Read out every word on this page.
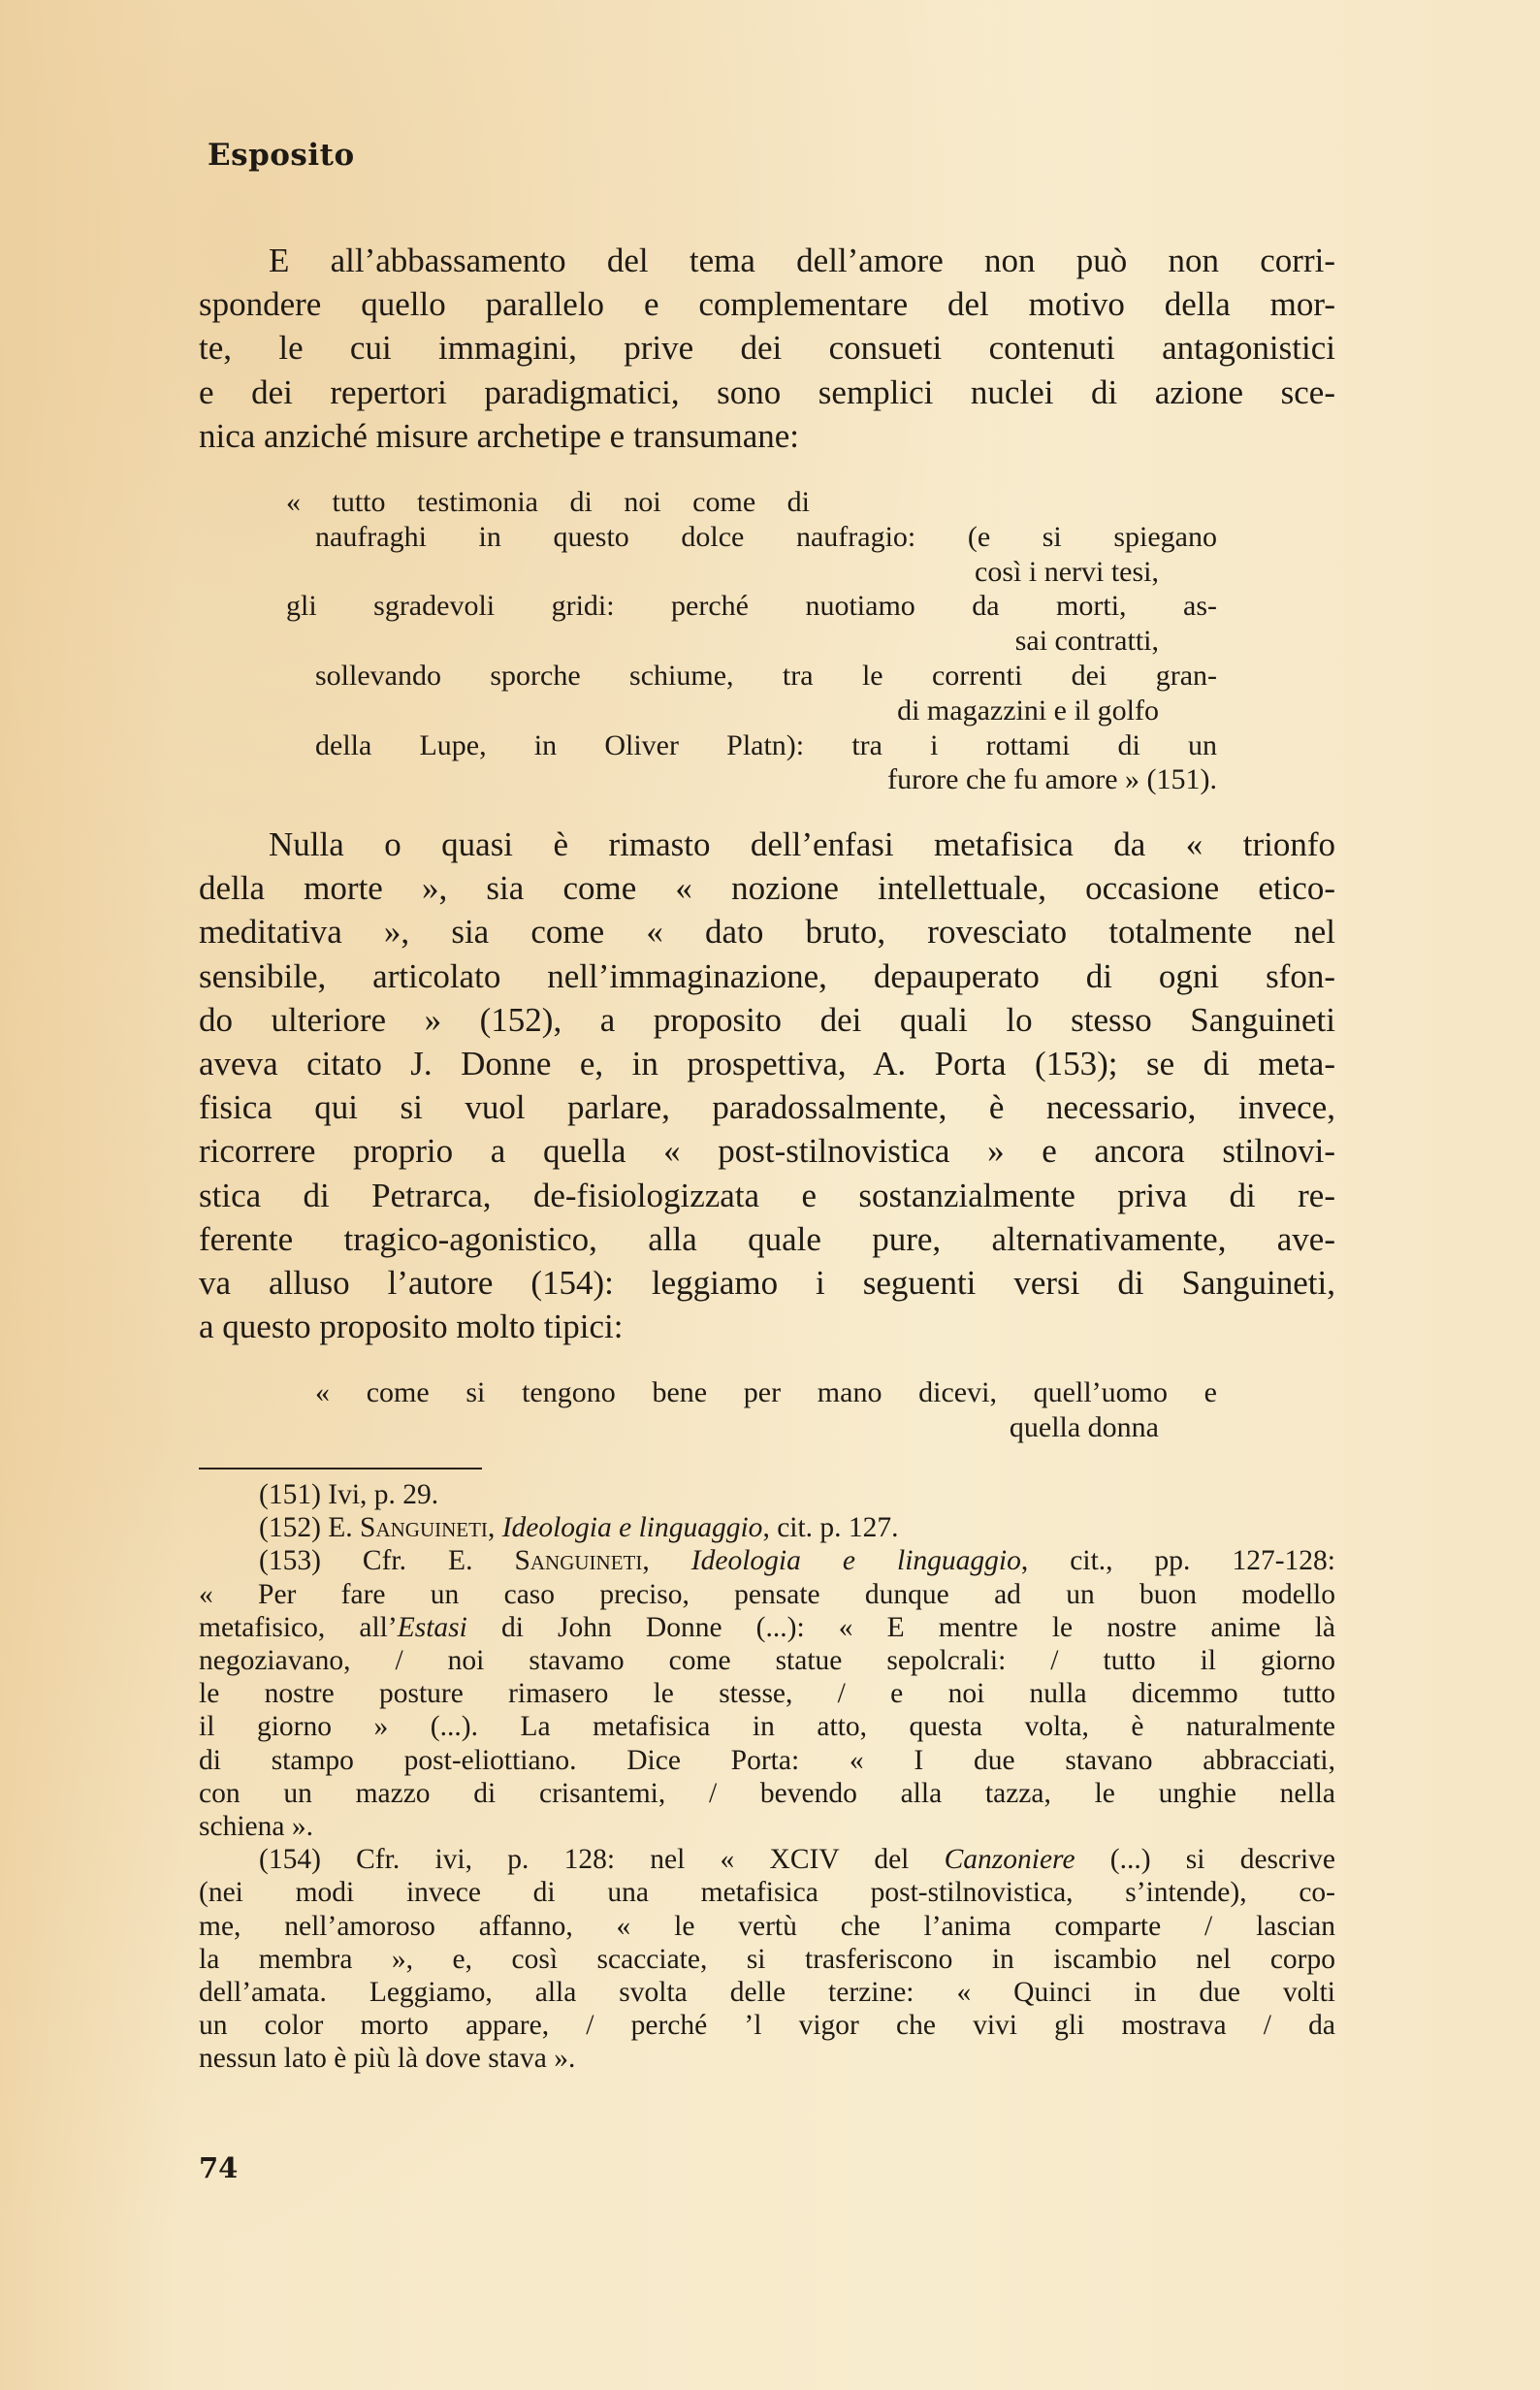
Esposito
E all’abbassamento del tema dell’amore non può non corri-
spondere quello parallelo e complementare del motivo della mor-
te, le cui immagini, prive dei consueti contenuti antagonistici
e dei repertori paradigmatici, sono semplici nuclei di azione sce-
nica anziché misure archetipe e transumane:
« tutto testimonia di noi come di
naufraghi in questo dolce naufragio: (e si spiegano
così i nervi tesi,
gli sgradevoli gridi: perché nuotiamo da morti, as-
sai contratti,
sollevando sporche schiume, tra le correnti dei gran-
di magazzini e il golfo
della Lupe, in Oliver Platn): tra i rottami di un
furore che fu amore » (151).
Nulla o quasi è rimasto dell’enfasi metafisica da « trionfo
della morte », sia come « nozione intellettuale, occasione etico-
meditativa », sia come « dato bruto, rovesciato totalmente nel
sensibile, articolato nell’immaginazione, depauperato di ogni sfon-
do ulteriore » (152), a proposito dei quali lo stesso Sanguineti
aveva citato J. Donne e, in prospettiva, A. Porta (153); se di meta-
fisica qui si vuol parlare, paradossalmente, è necessario, invece,
ricorrere proprio a quella « post-stilnovistica » e ancora stilnovi-
stica di Petrarca, de-fisiologizzata e sostanzialmente priva di re-
ferente tragico-agonistico, alla quale pure, alternativamente, ave-
va alluso l’autore (154): leggiamo i seguenti versi di Sanguineti,
a questo proposito molto tipici:
« come si tengono bene per mano dicevi, quell’uomo e
quella donna
(151) Ivi, p. 29.
(152) E. Sanguineti, Ideologia e linguaggio, cit. p. 127.
(153) Cfr. E. Sanguineti, Ideologia e linguaggio, cit., pp. 127-128:
« Per fare un caso preciso, pensate dunque ad un buon modello
metafisico, all’Estasi di John Donne (...): « E mentre le nostre anime là
negoziavano, / noi stavamo come statue sepolcrali: / tutto il giorno
le nostre posture rimasero le stesse, / e noi nulla dicemmo tutto
il giorno » (...). La metafisica in atto, questa volta, è naturalmente
di stampo post-eliottiano. Dice Porta: « I due stavano abbracciati,
con un mazzo di crisantemi, / bevendo alla tazza, le unghie nella
schiena ».
(154) Cfr. ivi, p. 128: nel « XCIV del Canzoniere (...) si descrive
(nei modi invece di una metafisica post-stilnovistica, s’intende), co-
me, nell’amoroso affanno, « le vertù che l’anima comparte / lascian
la membra », e, così scacciate, si trasferiscono in iscambio nel corpo
dell’amata. Leggiamo, alla svolta delle terzine: « Quinci in due volti
un color morto appare, / perché ’l vigor che vivi gli mostrava / da
nessun lato è più là dove stava ».
74
